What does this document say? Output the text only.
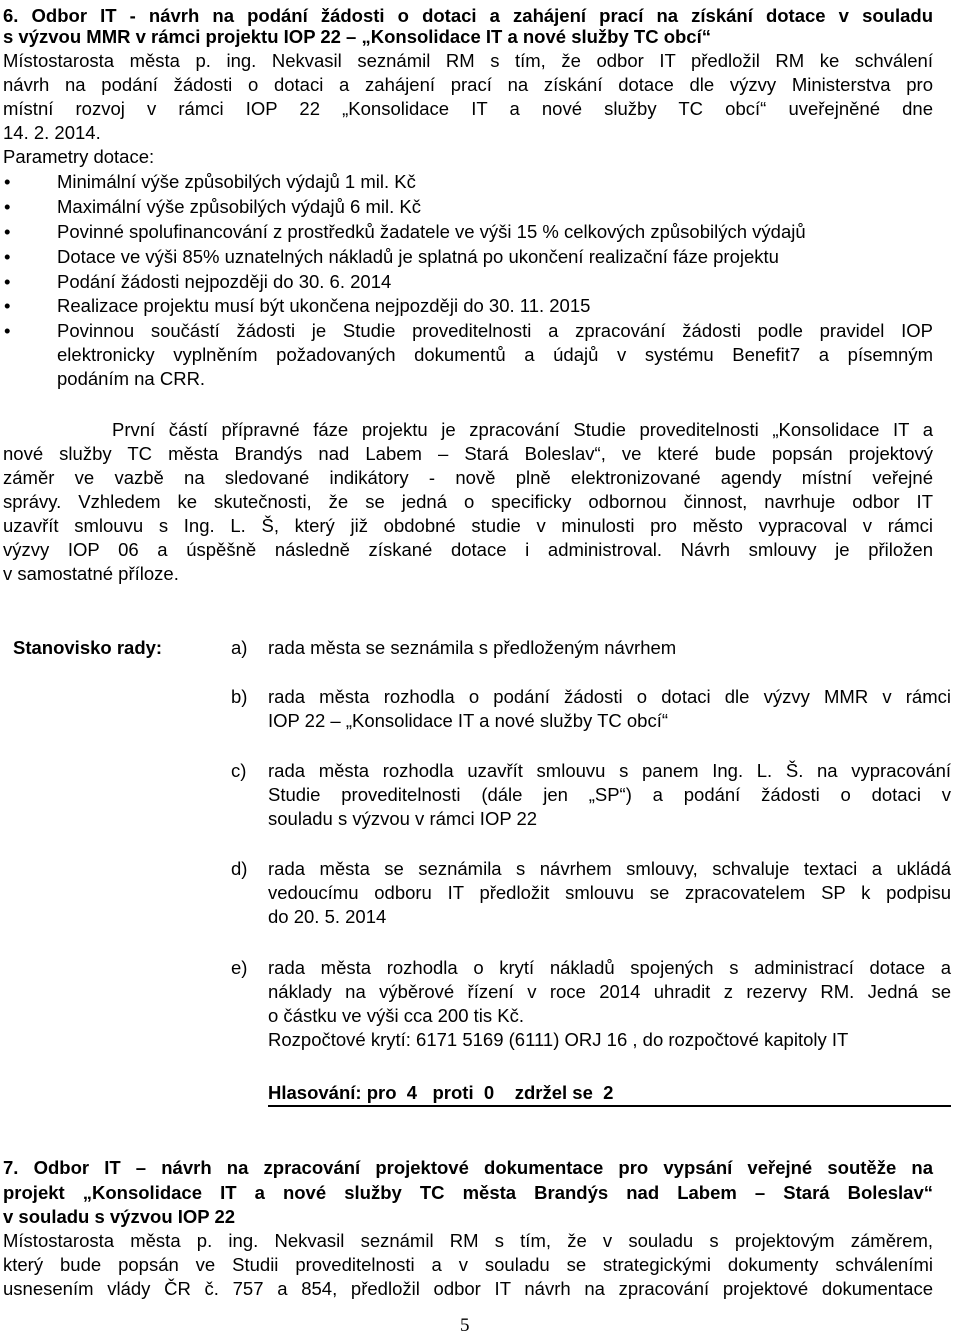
6. Odbor IT - návrh na podání žádosti o dotaci a zahájení prací na získání dotace v souladu
s výzvou MMR v rámci projektu IOP 22 – „Konsolidace IT a nové služby TC obcí“
Místostarosta města p. ing. Nekvasil seznámil RM s tím, že odbor IT předložil RM ke schválení
návrh na podání žádosti o dotaci a zahájení prací na získání dotace dle výzvy Ministerstva pro
místní rozvoj v rámci IOP 22 „Konsolidace IT a nové služby TC obcí“ uveřejněné dne
14. 2. 2014.
Parametry dotace:
•	Minimální výše způsobilých výdajů 1 mil. Kč
•	Maximální výše způsobilých výdajů 6 mil. Kč
•	Povinné spolufinancování z prostředků žadatele ve výši 15 % celkových způsobilých výdajů
•	Dotace ve výši 85% uznatelných nákladů je splatná po ukončení realizační fáze projektu
•	Podání žádosti nejpozději do 30. 6. 2014
•	Realizace projektu musí být ukončena nejpozději do 30. 11. 2015
•	Povinnou součástí žádosti je Studie proveditelnosti a zpracování žádosti podle pravidel IOP
elektronicky vyplněním požadovaných dokumentů a údajů v systému Benefit7 a písemným
podáním na CRR.
První částí přípravné fáze projektu je zpracování Studie proveditelnosti „Konsolidace IT a
nové služby TC města Brandýs nad Labem – Stará Boleslav“, ve které bude popsán projektový
záměr ve vazbě na sledované indikátory - nově plně elektronizované agendy místní veřejné
správy. Vzhledem ke skutečnosti, že se jedná o specificky odbornou činnost, navrhuje odbor IT
uzavřít smlouvu s Ing. L. Š, který již obdobné studie v minulosti pro město vypracoval v rámci
výzvy IOP 06 a úspěšně následně získané dotace i administroval. Návrh smlouvy je přiložen
v samostatné příloze.
Stanovisko rady:	a) rada města se seznámila s předloženým návrhem
b) rada města rozhodla o podání žádosti o dotaci dle výzvy MMR v rámci
IOP 22 – „Konsolidace IT a nové služby TC obcí“
c) rada města rozhodla uzavřít smlouvu s panem Ing. L. Š. na vypracování
Studie proveditelnosti (dále jen „SP“) a podání žádosti o dotaci v
souladu s výzvou v rámci IOP 22
d) rada města se seznámila s návrhem smlouvy, schvaluje textaci a ukládá
vedoucímu odboru IT předložit smlouvu se zpracovatelem SP k podpisu
do 20. 5. 2014
e) rada města rozhodla o krytí nákladů spojených s administrací dotace a
náklady na výběrové řízení v roce 2014 uhradit z rezervy RM. Jedná se
o částku ve výši cca 200 tis Kč.
Rozpočtové krytí: 6171 5169 (6111) ORJ 16 , do rozpočtové kapitoly IT
Hlasování: pro  4   proti  0    zdržel se  2
7. Odbor IT – návrh na zpracování projektové dokumentace pro vypsání veřejné soutěže na
projekt „Konsolidace IT a nové služby TC města Brandýs nad Labem – Stará Boleslav“
v souladu s výzvou IOP 22
Místostarosta města p. ing. Nekvasil seznámil RM s tím, že v souladu s projektovým záměrem,
který bude popsán ve Studii proveditelnosti a v souladu se strategickými dokumenty schváleními
usnesením vlády ČR č. 757 a 854, předložil odbor IT návrh na zpracování projektové dokumentace
5
